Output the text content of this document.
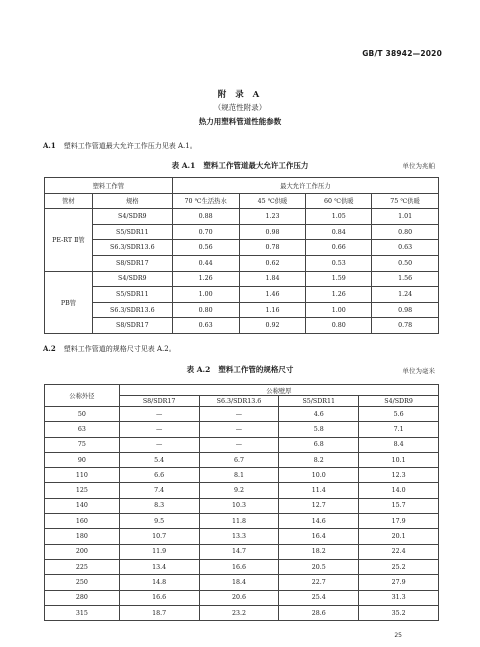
GB/T 38942—2020
附 录 A
（规范性附录）
热力用塑料管道性能参数
A.1 塑料工作管道最大允许工作压力见表 A.1。
表 A.1 塑料工作管道最大允许工作压力	单位为兆帕
塑料工作管		最大允许工作压力			
管材	规格	70 ℃生活热水	45 ℃供暖	60 ℃供暖	75 ℃供暖
PE-RT Ⅱ管	S4/SDR9	0.88	1.23	1.05	1.01
	S5/SDR11	0.70	0.98	0.84	0.80
	S6.3/SDR13.6	0.56	0.78	0.66	0.63
	S8/SDR17	0.44	0.62	0.53	0.50
PB管	S4/SDR9	1.26	1.84	1.59	1.56
	S5/SDR11	1.00	1.46	1.26	1.24
	S6.3/SDR13.6	0.80	1.16	1.00	0.98
	S8/SDR17	0.63	0.92	0.80	0.78
A.2 塑料工作管道的规格尺寸见表 A.2。
表 A.2 塑料工作管的规格尺寸	单位为毫米
公称外径	公称壁厚			
	S8/SDR17	S6.3/SDR13.6	S5/SDR11	S4/SDR9
50	—	—	4.6	5.6
63	—	—	5.8	7.1
75	—	—	6.8	8.4
90	5.4	6.7	8.2	10.1
110	6.6	8.1	10.0	12.3
125	7.4	9.2	11.4	14.0
140	8.3	10.3	12.7	15.7
160	9.5	11.8	14.6	17.9
180	10.7	13.3	16.4	20.1
200	11.9	14.7	18.2	22.4
225	13.4	16.6	20.5	25.2
250	14.8	18.4	22.7	27.9
280	16.6	20.6	25.4	31.3
315	18.7	23.2	28.6	35.2
25
